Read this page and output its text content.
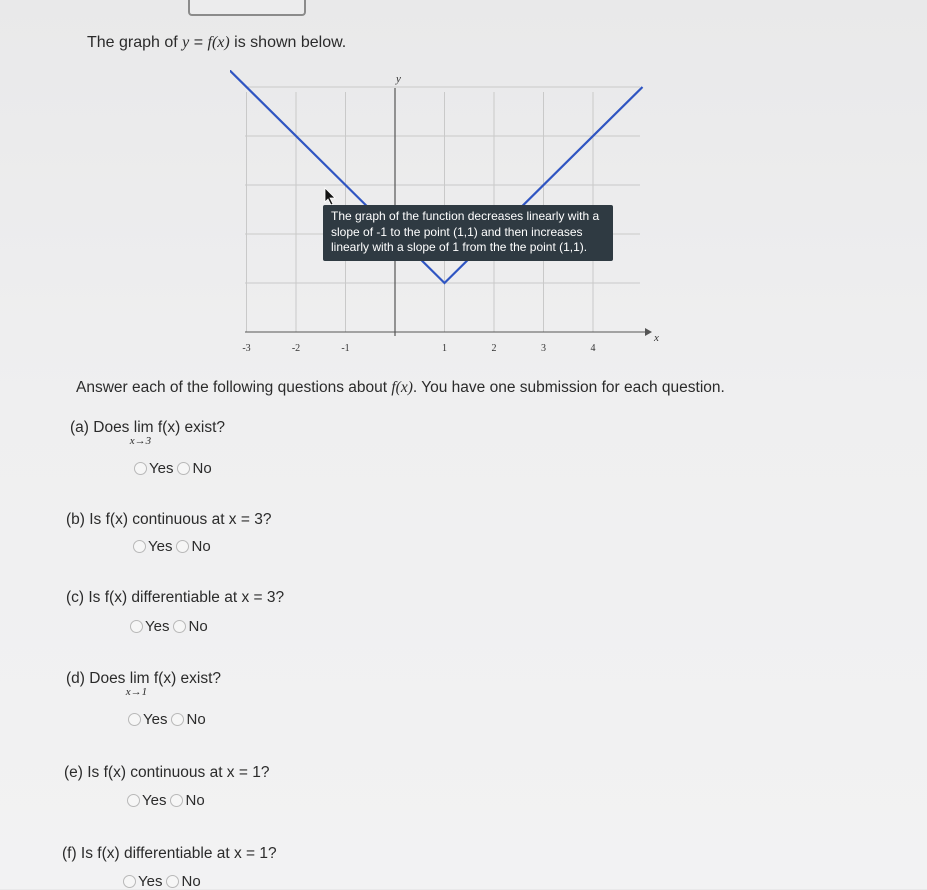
The graph of y = f(x) is shown below.
-3	-2	-1	1	2	3	4
y
x
The graph of the function decreases linearly with a slope of -1 to the point (1,1) and then increases linearly with a slope of 1 from the the point (1,1).
Answer each of the following questions about f(x). You have one submission for each question.
(a) Does lim
x→3
f(x) exist?
Yes No
(b) Is f(x) continuous at x = 3?
Yes No
(c) Is f(x) differentiable at x = 3?
Yes No
(d) Does lim
x→1
f(x) exist?
Yes No
(e) Is f(x) continuous at x = 1?
Yes No
(f) Is f(x) differentiable at x = 1?
Yes No
